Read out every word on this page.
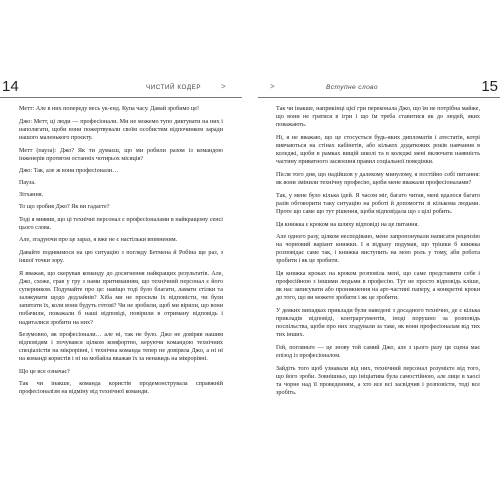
14	ЧИСТИЙ КОДЕР >

Метт: Але в них попереду весь ук-енд. Купа часу. Давай зробимо це!

Джо: Метт, ці люди — професіонали. Ми не можемо тупо диктувати на них і наполягати, щоби вони пожертвували своїм особистим відпочинком заради нашого маленького проєкту.

Метт (пауза): Джо? Як ти думаєш, що ми робили разом із командою інженерів протягом останніх чотирьох місяців?

Джо: Так, але ж вони професіонали…

Пауза.

Зітхання.

То що зробив Джо? Як ви гадаєте?

Тоді я виявив, що ці технічні персонал є професіоналами в найкращому сенсі цього слова.

Але, згадуючи про це зараз, я вже не є настільки впевненим.

Давайте подивимося на цю ситуацію з погляду Бетмена й Робіна ще раз, з іншої точки зору.

Я вважав, що скерував команду до досягнення найкращих результатів. Але, Джо, схоже, грав у гру з нами притиманням, що технічний персонал є його суперником. Подумайте про це: навіщо тоді було благати, ламати стілки та залякувати щодо дедлайнів? Хіба ми не просили їх відповісти, чи були запитати їх, коли вони будуть готові? Чи не зробили, щоб ми вірили, що вони побачили, поважали б наші відповіді, повірили в отриману відповідь і надиталися зробити на них?

Безумовно, як професіонали… але ні, так не було. Джо не довіряв нашим відповідям і почувався цілком комфортно, керуючи командою технічних спеціалістів на мікрорівні, і технічна команда тепер не довіряла Джо, а ні ні на команді користів і ні на мобайла вважав їх за ненавидь на мікрорівні.

Що це все означає?

Так чи інакше, команда користів продемонструвала справжній професіоналізм на відміну від технічної команди.

>	Вступне слово	15

Так чи інакше, наприкінці цієї гри переконала Джо, що їм не потрібна майже, що вони не гратися в ігри і що їм треба ставитися як до людей, яких поважають.

Ні, я не вважаю, що це стосується будь-яких дипломатів і атестатів, котрі вивчаються на стінах кабінетів, або кількох додаткових років навчання в коледжі, щоби в рамках вищій школі та в коледжі мені включати наявність частину приватного засвоєння правил соціальної поведінки.

Після того дня, що надійшов у далекому минулому, я постійно собі питання: як вони змінили технічну професію, щоби мене вважали професіоналами?

Так, у мене було кілька ідей. Я часом міг, багато читав, мені вдалося багато разів обговорити таку ситуацію на роботі й допомогти зі кількома людьми. Проте що саме що тут рішення, щоби відповідала що з цілі робить.

Ця книжка є кроком на шляху відповіді на це питання.

Але одного разу, цілком несподівано, мене запропонували написати рецензію на чорновий варіант книжки. І я відразу подумав, що трішки б книжка розповідає саме так, і книжка виступить на мою роль у тому, аби робота зробити і як це зробити.

Ця книжка кроках на кроком розповіла мені, що саме представити себе і професійною з іншими людьми в професію. Тут не просто відповідь кліше, як нас записувати або проникнення на арт-частині паперу, а конкретні кроки до того, що ви можете зробити і як це зробити.

У деяких випадках приклади були наведені з досадного технічно, де є кілька прикладів відповіді, контраргументів, іноді порушно за розповідь поспільства, щоби про них згадували за таке, як вони професіоналам від тих тих інших.

Гей, погляньте — це знову той самий Джо, але з цього разу ця сцена має епізод із професіоналом.

Зайдіть того щоб узнавали від них, технічний персонал розумієте від того, що його зроби. Зовнішньо, що ініціатива була самостійною, але лице в хаосі та чорне над її проведенням, а хто все всі засвідчив і розповісти, тоді все зробіть.
